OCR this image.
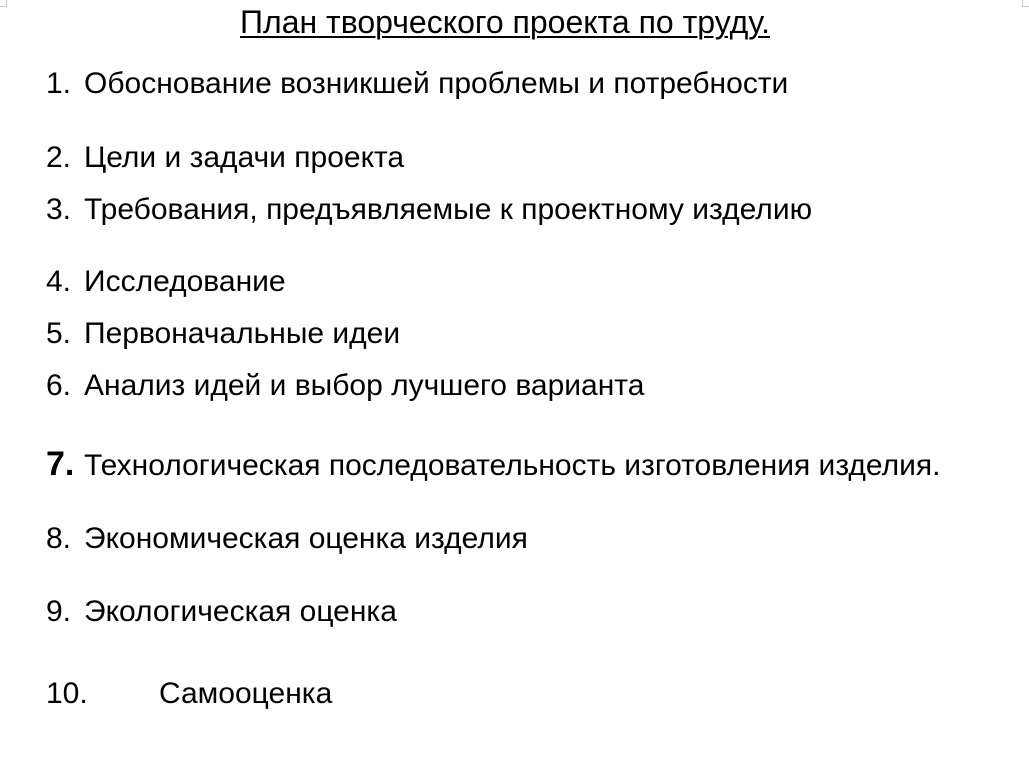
План творческого проекта по труду.
1. Обоснование возникшей проблемы и потребности
2. Цели и задачи проекта
3. Требования, предъявляемые к проектному изделию
4. Исследование
5. Первоначальные идеи
6. Анализ идей и выбор лучшего варианта
7. Технологическая последовательность изготовления изделия.
8. Экономическая оценка изделия
9. Экологическая оценка
10. Самооценка
